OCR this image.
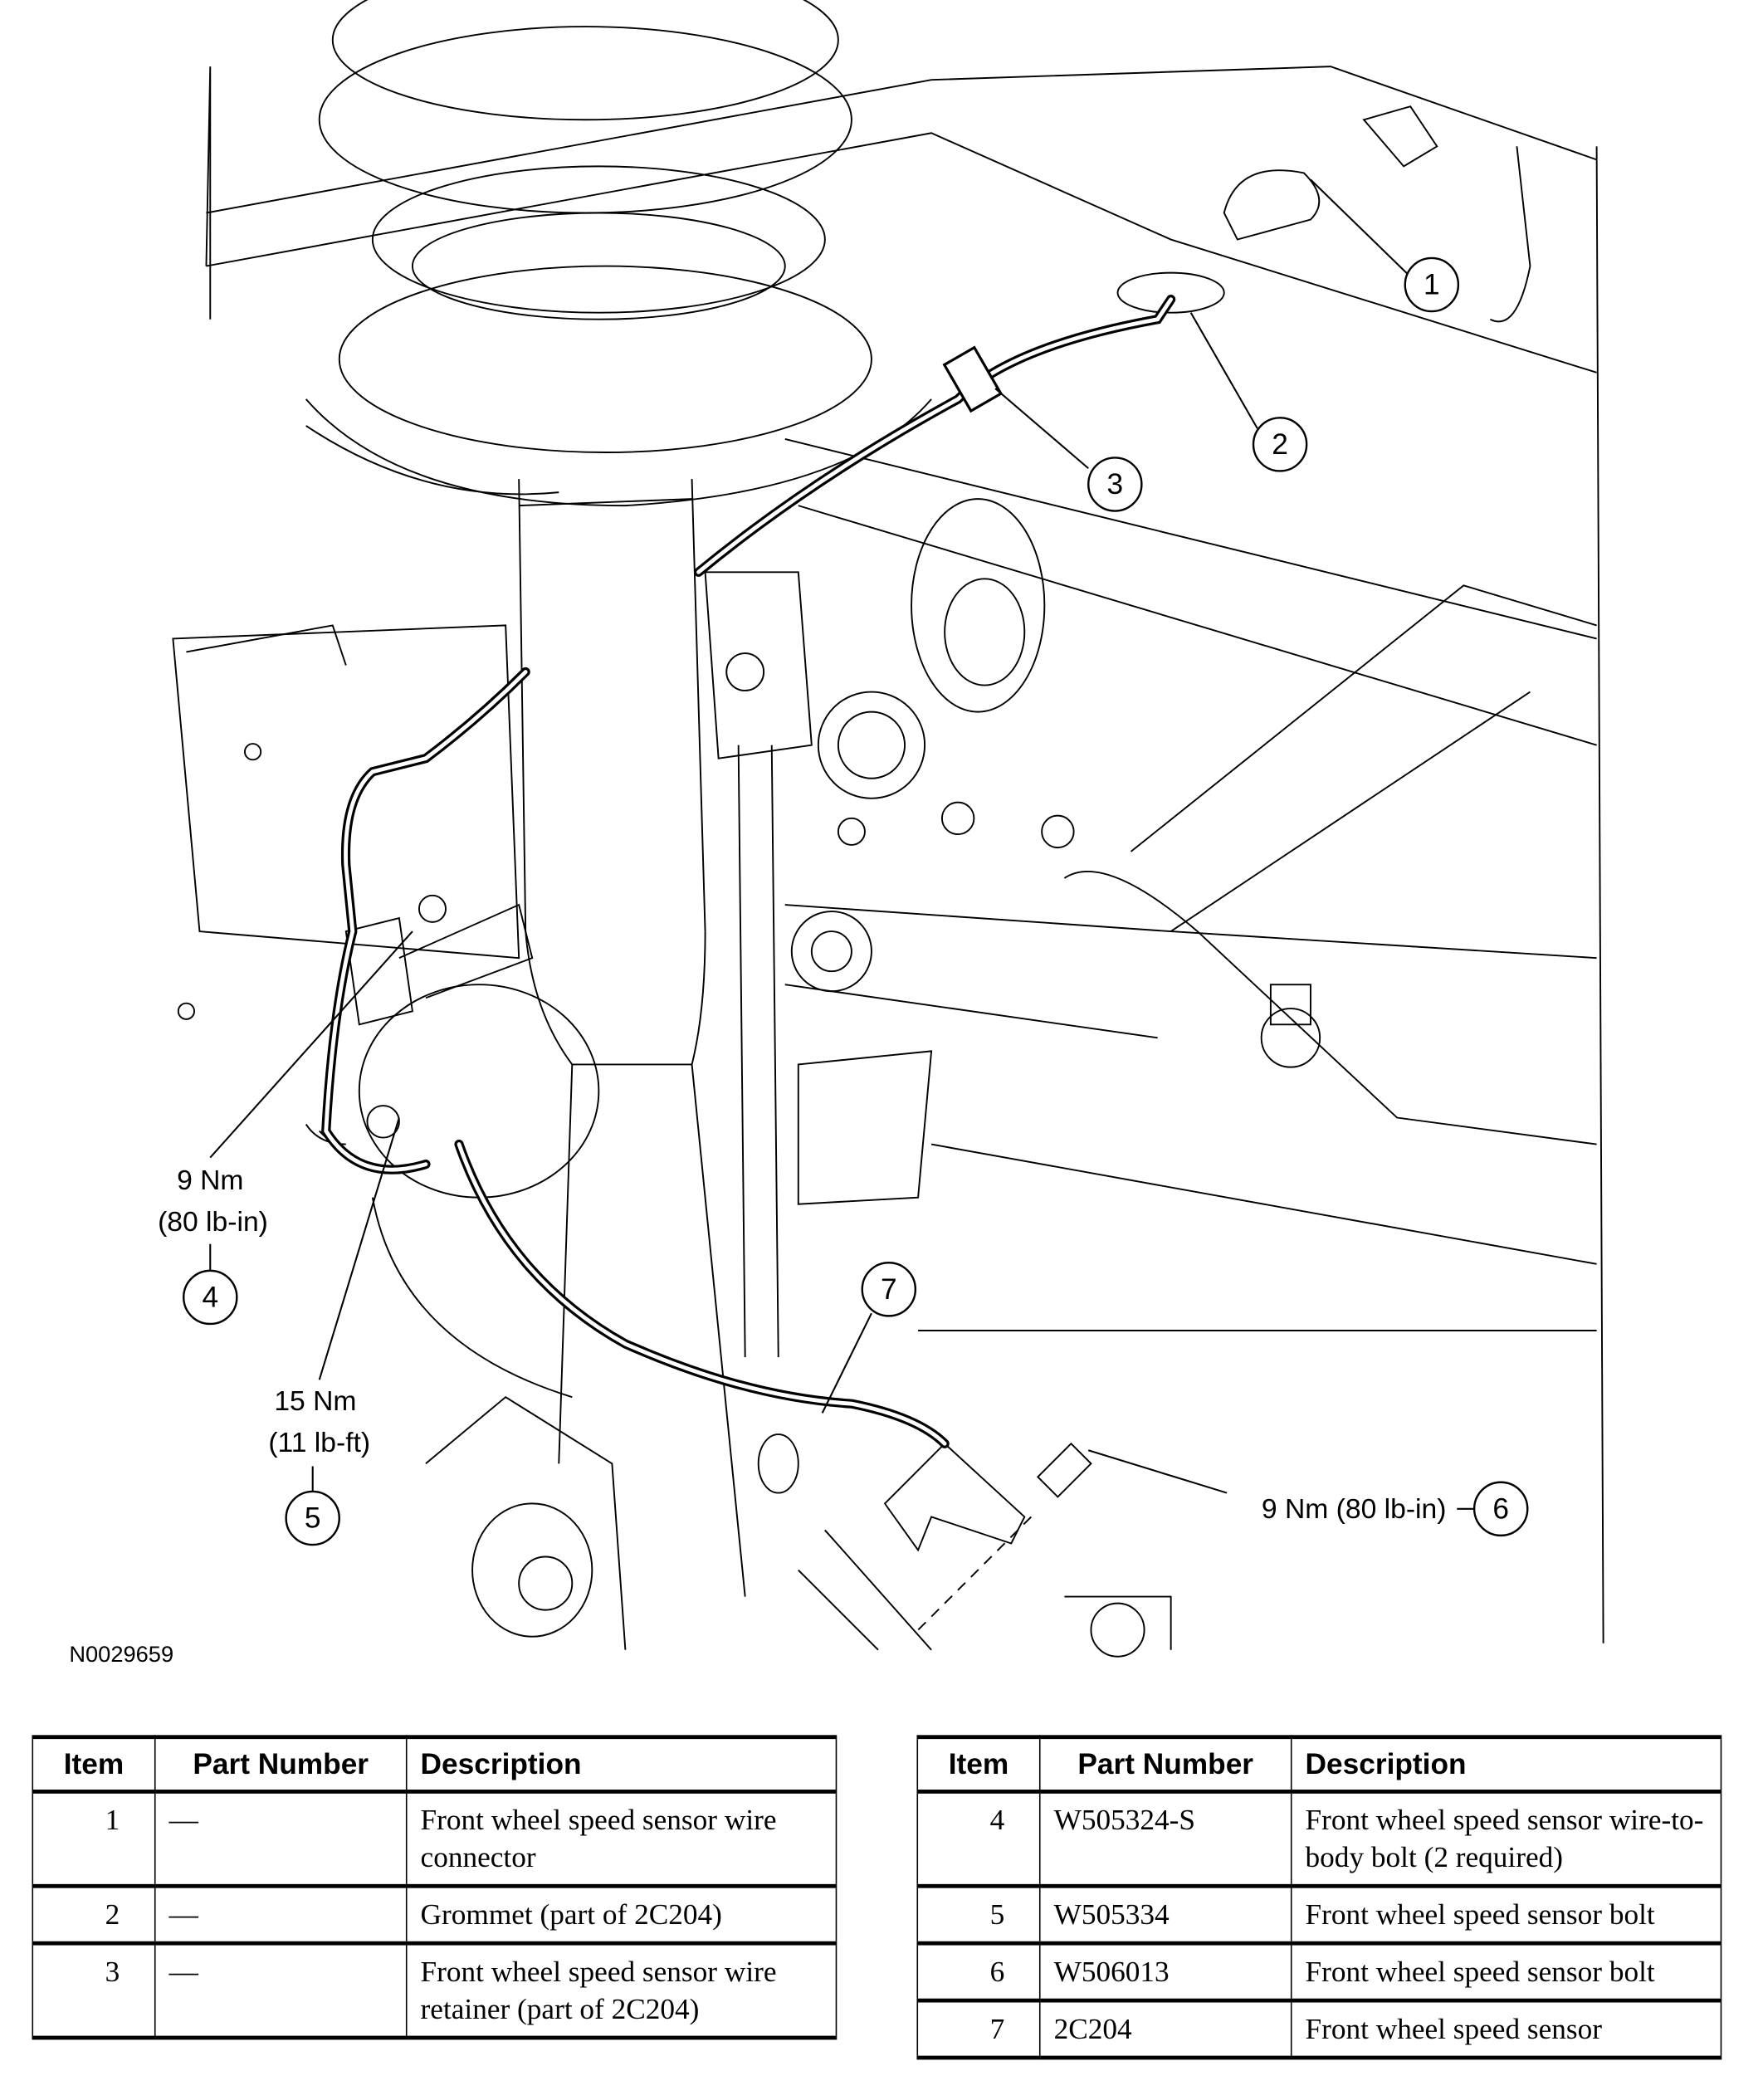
1
2
3
4
5	6
7
9 Nm
(80 lb-in)
15 Nm
(11 lb-ft)
9 Nm (80 lb-in)
N0029659
Item	Part Number	Description
1	—	Front wheel speed sensor wire connector
2	—	Grommet (part of 2C204)
3	—	Front wheel speed sensor wire retainer (part of 2C204)
Item	Part Number	Description
4	W505324-S	Front wheel speed sensor wire-to-body bolt (2 required)
5	W505334	Front wheel speed sensor bolt
6	W506013	Front wheel speed sensor bolt
7	2C204	Front wheel speed sensor
